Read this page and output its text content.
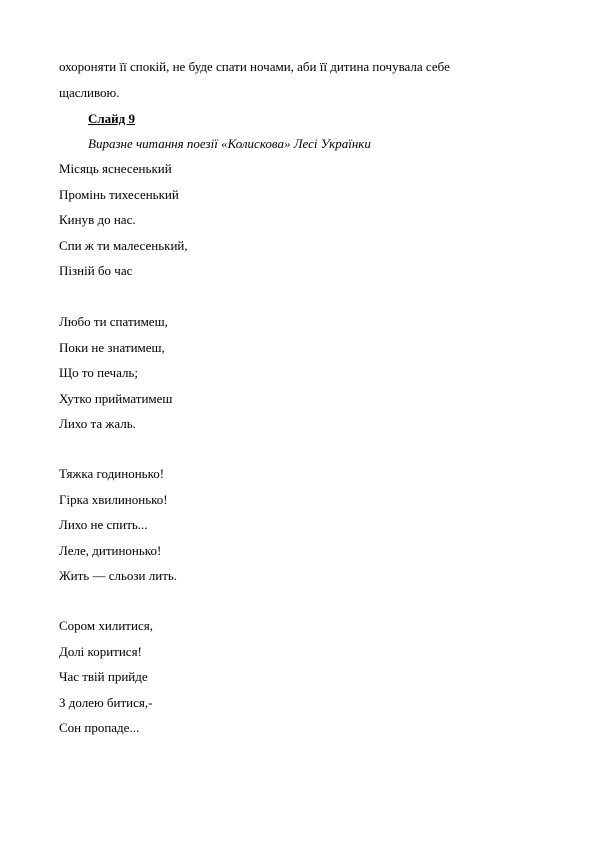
охороняти її спокій, не буде спати ночами, аби її дитина почувала себе
щасливою.
Слайд 9
Виразне читання поезії «Колискова» Лесі Українки
Місяць яснесенький
Промінь тихесенький
Кинув до нас.
Спи ж ти малесенький,
Пізній бо час
Любо ти спатимеш,
Поки не знатимеш,
Що то печаль;
Хутко прийматимеш
Лихо та жаль.
Тяжка годинонько!
Гірка хвилинонько!
Лихо не спить...
Леле, дитинонько!
Жить — сльози лить.
Сором хилитися,
Долі коритися!
Час твій прийде
З долею битися,-
Сон пропаде...
